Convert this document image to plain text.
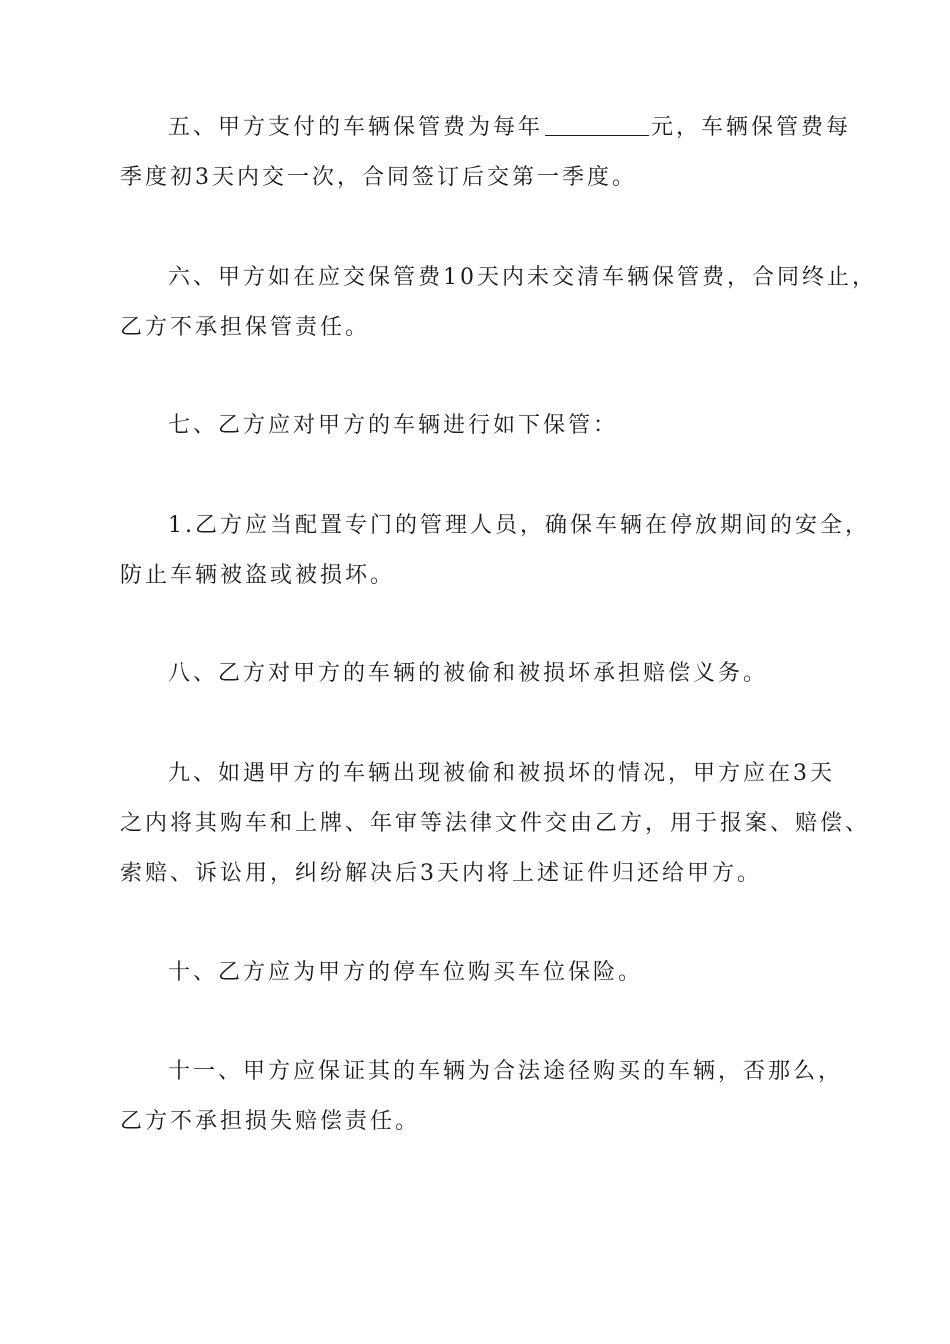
五、甲方支付的车辆保管费为每年	元，车辆保管费每
季度初3天内交一次，合同签订后交第一季度。
六、甲方如在应交保管费10天内未交清车辆保管费，合同终止，
乙方不承担保管责任。
七、乙方应对甲方的车辆进行如下保管：
1.乙方应当配置专门的管理人员，确保车辆在停放期间的安全，
防止车辆被盗或被损坏。
八、乙方对甲方的车辆的被偷和被损坏承担赔偿义务。
九、如遇甲方的车辆出现被偷和被损坏的情况，甲方应在3天
之内将其购车和上牌、年审等法律文件交由乙方，用于报案、赔偿、
索赔、诉讼用，纠纷解决后3天内将上述证件归还给甲方。
十、乙方应为甲方的停车位购买车位保险。
十一、甲方应保证其的车辆为合法途径购买的车辆，否那么，
乙方不承担损失赔偿责任。
